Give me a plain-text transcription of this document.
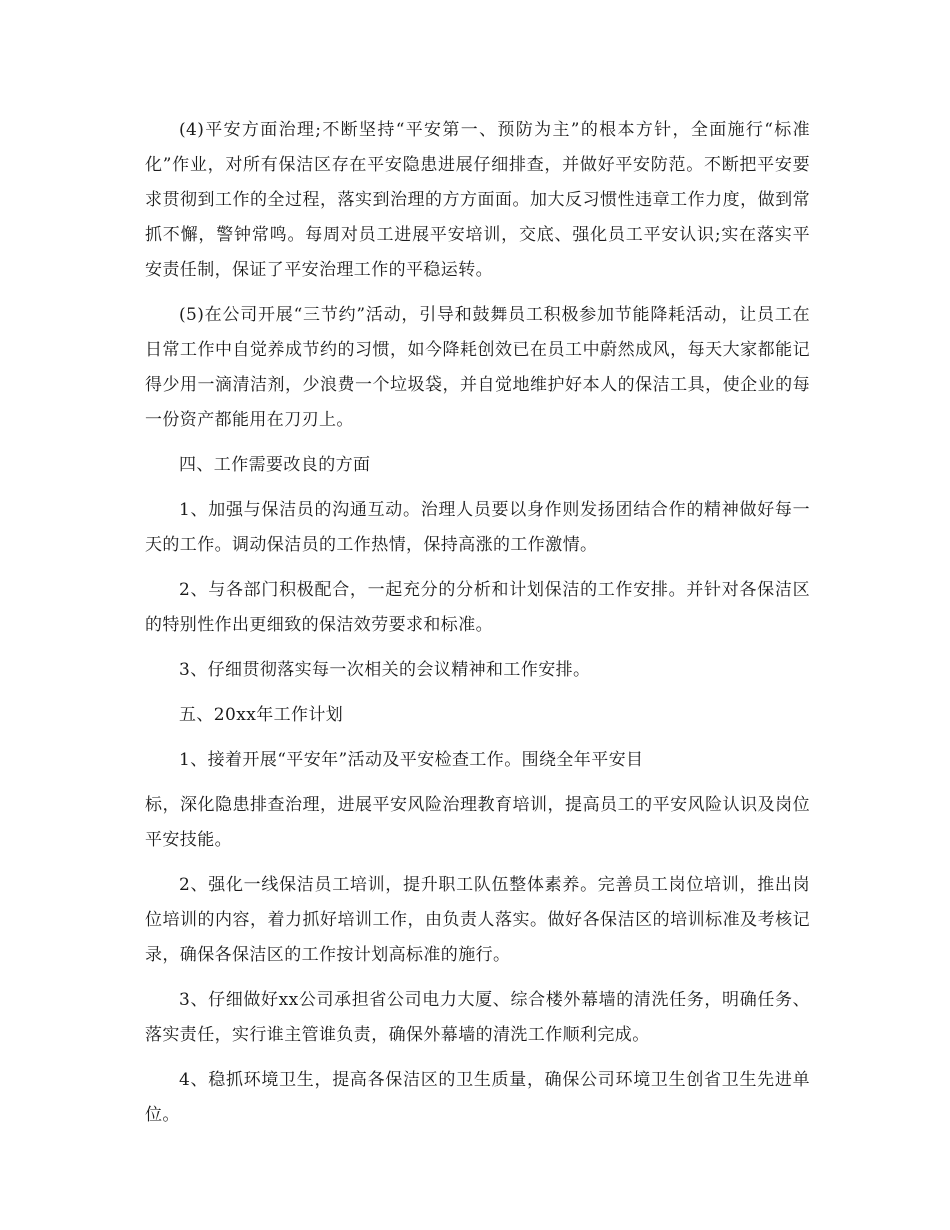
(4)平安方面治理;不断坚持“平安第一、预防为主”的根本方针，全面施行“标准化”作业，对所有保洁区存在平安隐患进展仔细排查，并做好平安防范。不断把平安要求贯彻到工作的全过程，落实到治理的方方面面。加大反习惯性违章工作力度，做到常抓不懈，警钟常鸣。每周对员工进展平安培训，交底、强化员工平安认识;实在落实平安责任制，保证了平安治理工作的平稳运转。

(5)在公司开展“三节约”活动，引导和鼓舞员工积极参加节能降耗活动，让员工在日常工作中自觉养成节约的习惯，如今降耗创效已在员工中蔚然成风，每天大家都能记得少用一滴清洁剂，少浪费一个垃圾袋，并自觉地维护好本人的保洁工具，使企业的每一份资产都能用在刀刃上。

四、工作需要改良的方面

1、加强与保洁员的沟通互动。治理人员要以身作则发扬团结合作的精神做好每一天的工作。调动保洁员的工作热情，保持高涨的工作激情。

2、与各部门积极配合，一起充分的分析和计划保洁的工作安排。并针对各保洁区的特别性作出更细致的保洁效劳要求和标准。

3、仔细贯彻落实每一次相关的会议精神和工作安排。

五、20xx年工作计划

1、接着开展“平安年”活动及平安检查工作。围绕全年平安目

标，深化隐患排查治理，进展平安风险治理教育培训，提高员工的平安风险认识及岗位平安技能。

2、强化一线保洁员工培训，提升职工队伍整体素养。完善员工岗位培训，推出岗位培训的内容，着力抓好培训工作，由负责人落实。做好各保洁区的培训标准及考核记录，确保各保洁区的工作按计划高标准的施行。

3、仔细做好xx公司承担省公司电力大厦、综合楼外幕墙的清洗任务，明确任务、落实责任，实行谁主管谁负责，确保外幕墙的清洗工作顺利完成。

4、稳抓环境卫生，提高各保洁区的卫生质量，确保公司环境卫生创省卫生先进单位。
